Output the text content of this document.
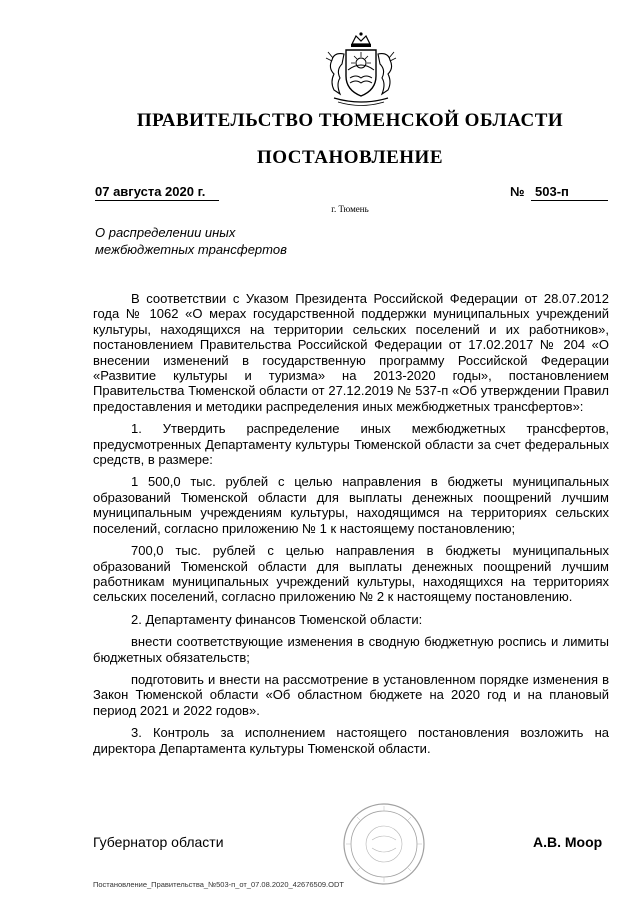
ПРАВИТЕЛЬСТВО ТЮМЕНСКОЙ ОБЛАСТИ
ПОСТАНОВЛЕНИЕ
07 августа 2020 г.	№ 503-п
г. Тюмень
О распределении иных
межбюджетных трансфертов

В соответствии с Указом Президента Российской Федерации от 28.07.2012 года № 1062 «О мерах государственной поддержки муниципальных учреждений культуры, находящихся на территории сельских поселений и их работников», постановлением Правительства Российской Федерации от 17.02.2017 № 204 «О внесении изменений в государственную программу Российской Федерации «Развитие культуры и туризма» на 2013-2020 годы», постановлением Правительства Тюменской области от 27.12.2019 № 537-п «Об утверждении Правил предоставления и методики распределения иных межбюджетных трансфертов»:

1. Утвердить распределение иных межбюджетных трансфертов, предусмотренных Департаменту культуры Тюменской области за счет федеральных средств, в размере:

1 500,0 тыс. рублей с целью направления в бюджеты муниципальных образований Тюменской области для выплаты денежных поощрений лучшим муниципальным учреждениям культуры, находящимся на территориях сельских поселений, согласно приложению № 1 к настоящему постановлению;

700,0 тыс. рублей с целью направления в бюджеты муниципальных образований Тюменской области для выплаты денежных поощрений лучшим работникам муниципальных учреждений культуры, находящихся на территориях сельских поселений, согласно приложению № 2 к настоящему постановлению.

2. Департаменту финансов Тюменской области:

внести соответствующие изменения в сводную бюджетную роспись и лимиты бюджетных обязательств;

подготовить и внести на рассмотрение в установленном порядке изменения в Закон Тюменской области «Об областном бюджете на 2020 год и на плановый период 2021 и 2022 годов».

3. Контроль за исполнением настоящего постановления возложить на директора Департамента культуры Тюменской области.

Губернатор области	А.В. Моор
Постановление_Правительства_№503-п_от_07.08.2020_42676509.ODT
